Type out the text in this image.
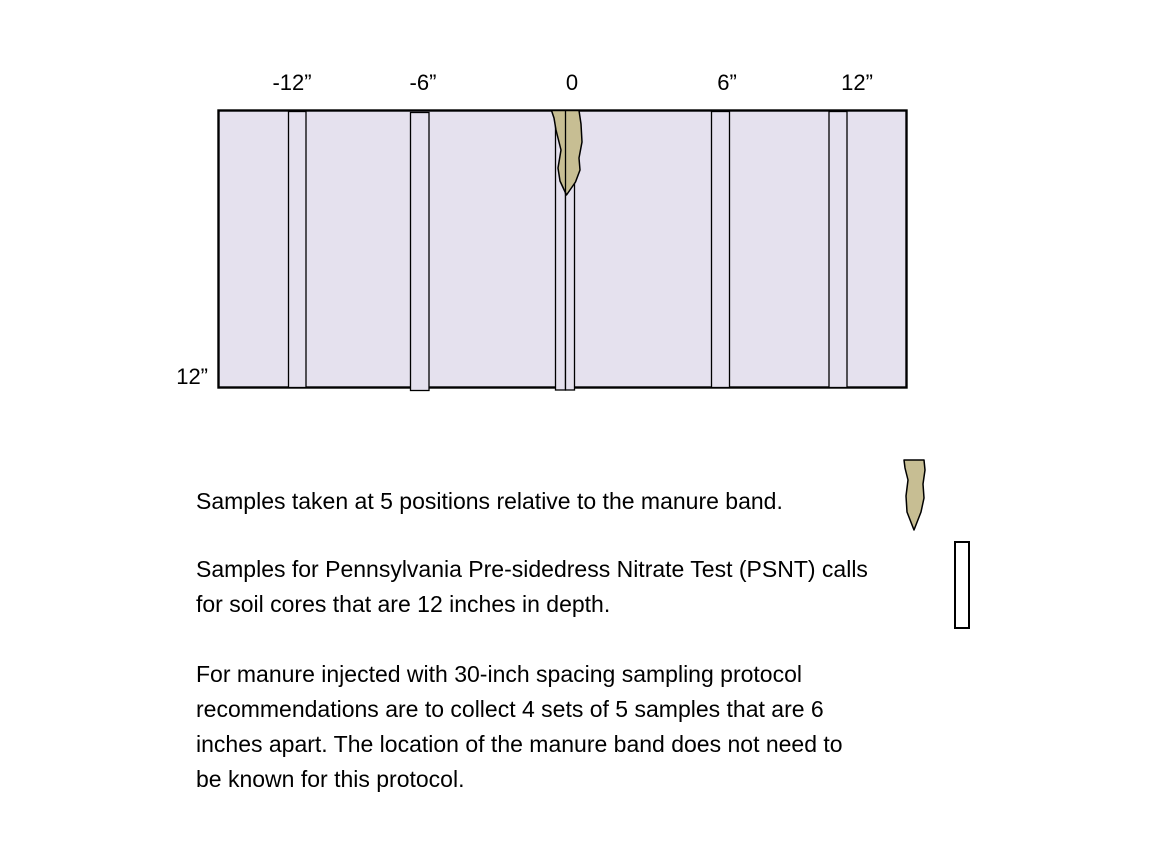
-12”	-6”	0	6”	12”
12”
Samples taken at 5 positions relative to the manure band.
Samples for Pennsylvania Pre-sidedress Nitrate Test (PSNT) calls
for soil cores that are 12 inches in depth.
For manure injected with 30-inch spacing sampling protocol
recommendations are to collect 4 sets of 5 samples that are 6
inches apart. The location of the manure band does not need to
be known for this protocol.
